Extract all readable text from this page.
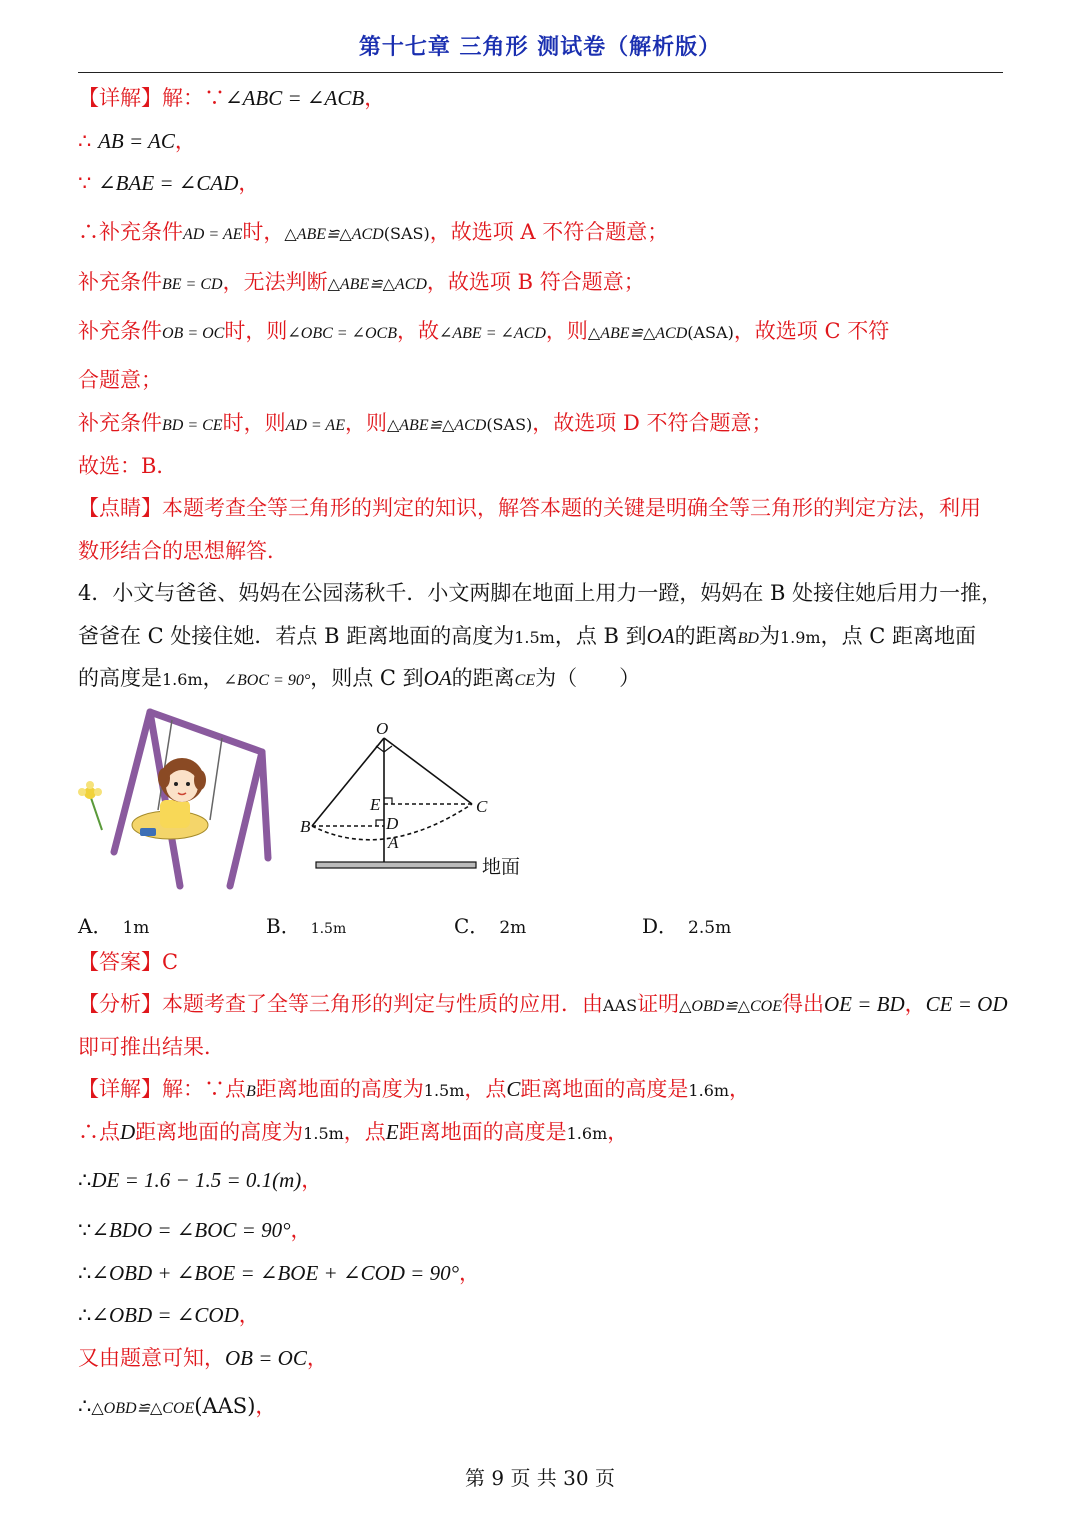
第十七章 三角形 测试卷（解析版）
【详解】解：∵∠ABC = ∠ACB，
∴ AB = AC，
∵ ∠BAE = ∠CAD，
∴补充条件AD = AE时，△ABE≌△ACD(SAS)，故选项 A 不符合题意；
补充条件BE = CD，无法判断△ABE≌△ACD，故选项 B 符合题意；
补充条件OB = OC时，则∠OBC = ∠OCB，故∠ABE = ∠ACD，则△ABE≌△ACD(ASA)，故选项 C 不符
合题意；
补充条件BD = CE时，则AD = AE，则△ABE≌△ACD(SAS)，故选项 D 不符合题意；
故选：B．
【点睛】本题考查全等三角形的判定的知识，解答本题的关键是明确全等三角形的判定方法，利用
数形结合的思想解答．
4．小文与爸爸、妈妈在公园荡秋千．小文两脚在地面上用力一蹬，妈妈在 B 处接住她后用力一推，
爸爸在 C 处接住她．若点 B 距离地面的高度为1.5m，点 B 到OA的距离BD为1.9m，点 C 距离地面
的高度是1.6m，∠BOC = 90°，则点 C 到OA的距离CE为（　　）
O
E
D
A
B
C
地面
A． 1m	B． 1.5m	C． 2m	D． 2.5m
【答案】C
【分析】本题考查了全等三角形的判定与性质的应用．由AAS证明△OBD≌△COE得出OE = BD，CE = OD
即可推出结果．
【详解】解：∵点B距离地面的高度为1.5m，点C距离地面的高度是1.6m，
∴点D距离地面的高度为1.5m，点E距离地面的高度是1.6m，
∴DE = 1.6 − 1.5 = 0.1(m)，
∵∠BDO = ∠BOC = 90°，
∴∠OBD + ∠BOE = ∠BOE + ∠COD = 90°，
∴∠OBD = ∠COD，
又由题意可知，OB = OC，
∴△OBD≌△COE(AAS)，
第 9 页 共 30 页
